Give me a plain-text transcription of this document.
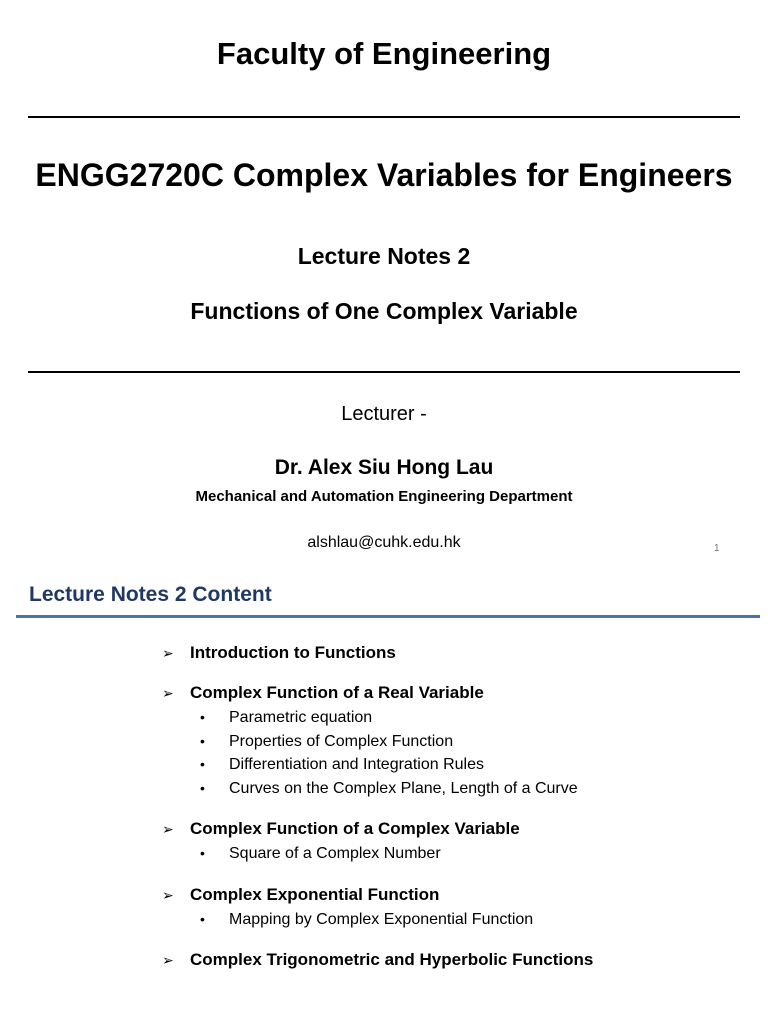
Faculty of Engineering
ENGG2720C Complex Variables for Engineers
Lecture Notes 2
Functions of One Complex Variable
Lecturer -
Dr. Alex Siu Hong Lau
Mechanical and Automation Engineering Department
alshlau@cuhk.edu.hk	1
Lecture Notes 2 Content
➢ Introduction to Functions
➢ Complex Function of a Real Variable
• Parametric equation
• Properties of Complex Function
• Differentiation and Integration Rules
• Curves on the Complex Plane, Length of a Curve
➢ Complex Function of a Complex Variable
• Square of a Complex Number
➢ Complex Exponential Function
• Mapping by Complex Exponential Function
➢ Complex Trigonometric and Hyperbolic Functions
